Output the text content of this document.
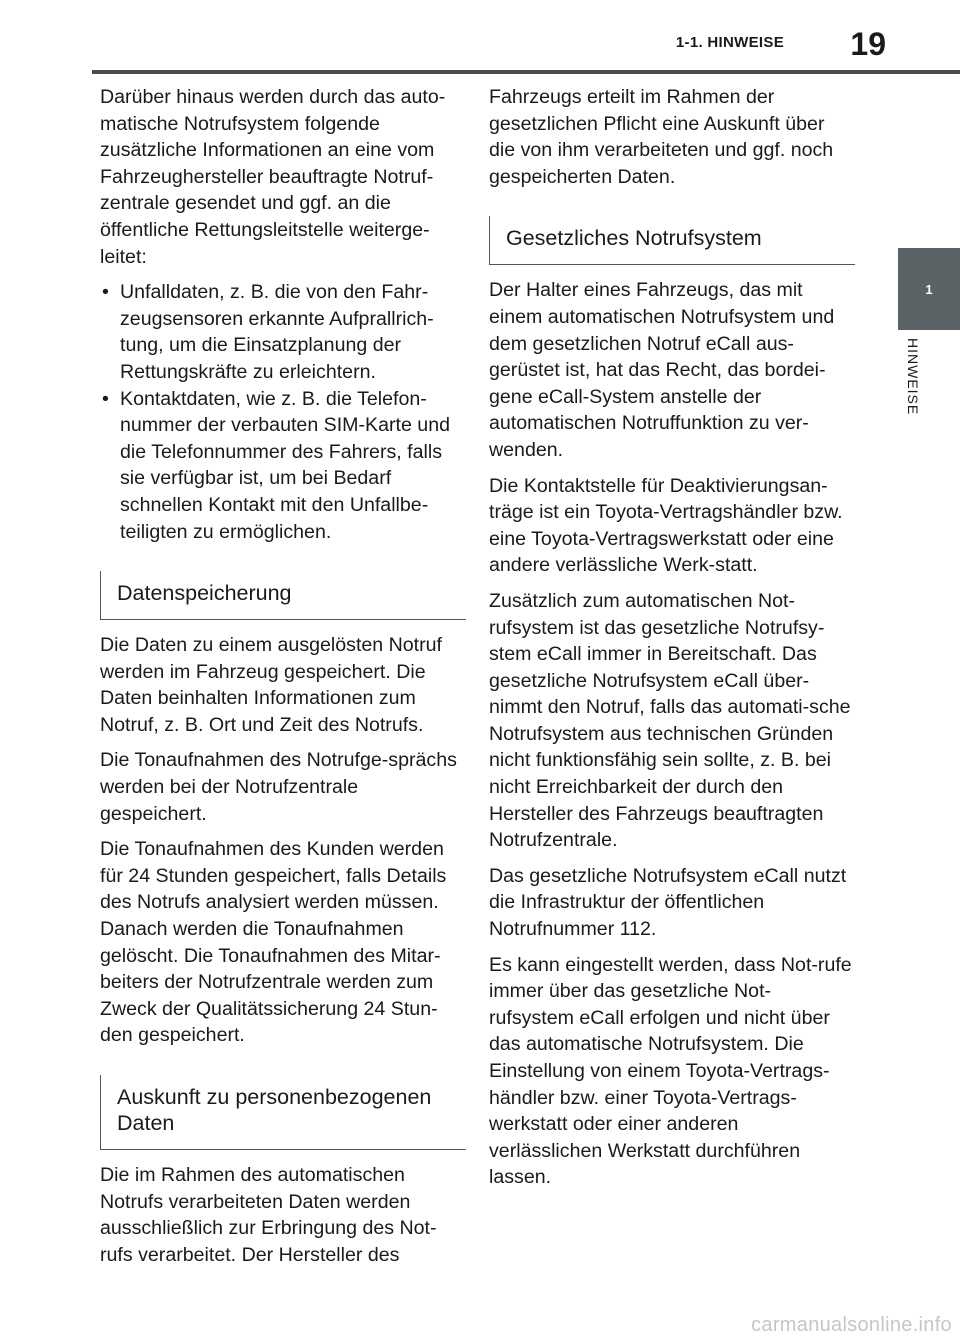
1-1. HINWEISE 19
1
HINWEISE

Darüber hinaus werden durch das auto-matische Notrufsystem folgende zusätzliche Informationen an eine vom Fahrzeughersteller beauftragte Notruf-zentrale gesendet und ggf. an die öffentliche Rettungsleitstelle weiterge-leitet:

• Unfalldaten, z. B. die von den Fahr-zeugsensoren erkannte Aufprallrich-tung, um die Einsatzplanung der Rettungskräfte zu erleichtern.
• Kontaktdaten, wie z. B. die Telefon-nummer der verbauten SIM-Karte und die Telefonnummer des Fahrers, falls sie verfügbar ist, um bei Bedarf schnellen Kontakt mit den Unfallbe-teiligten zu ermöglichen.
Datenspeicherung

Die Daten zu einem ausgelösten Notruf werden im Fahrzeug gespeichert. Die Daten beinhalten Informationen zum Notruf, z. B. Ort und Zeit des Notrufs.

Die Tonaufnahmen des Notrufge-sprächs werden bei der Notrufzentrale gespeichert.

Die Tonaufnahmen des Kunden werden für 24 Stunden gespeichert, falls Details des Notrufs analysiert werden müssen. Danach werden die Tonaufnahmen gelöscht. Die Tonaufnahmen des Mitar-beiters der Notrufzentrale werden zum Zweck der Qualitätssicherung 24 Stun-den gespeichert.

Auskunft zu personenbezogenen Daten

Die im Rahmen des automatischen Notrufs verarbeiteten Daten werden ausschließlich zur Erbringung des Not-rufs verarbeitet. Der Hersteller des

Fahrzeugs erteilt im Rahmen der gesetzlichen Pflicht eine Auskunft über die von ihm verarbeiteten und ggf. noch gespeicherten Daten.

Gesetzliches Notrufsystem

Der Halter eines Fahrzeugs, das mit einem automatischen Notrufsystem und dem gesetzlichen Notruf eCall aus-gerüstet ist, hat das Recht, das bordei-gene eCall-System anstelle der automatischen Notruffunktion zu ver-wenden.

Die Kontaktstelle für Deaktivierungsan-träge ist ein Toyota-Vertragshändler bzw. eine Toyota-Vertragswerkstatt oder eine andere verlässliche Werk-statt.

Zusätzlich zum automatischen Not-rufsystem ist das gesetzliche Notrufsy-stem eCall immer in Bereitschaft. Das gesetzliche Notrufsystem eCall über-nimmt den Notruf, falls das automati-sche Notrufsystem aus technischen Gründen nicht funktionsfähig sein sollte, z. B. bei nicht Erreichbarkeit der durch den Hersteller des Fahrzeugs beauftragten Notrufzentrale.

Das gesetzliche Notrufsystem eCall nutzt die Infrastruktur der öffentlichen Notrufnummer 112.

Es kann eingestellt werden, dass Not-rufe immer über das gesetzliche Not-rufsystem eCall erfolgen und nicht über das automatische Notrufsystem. Die Einstellung von einem Toyota-Vertrags-händler bzw. einer Toyota-Vertrags-werkstatt oder einer anderen verlässlichen Werkstatt durchführen lassen.

carmanualsonline.info
